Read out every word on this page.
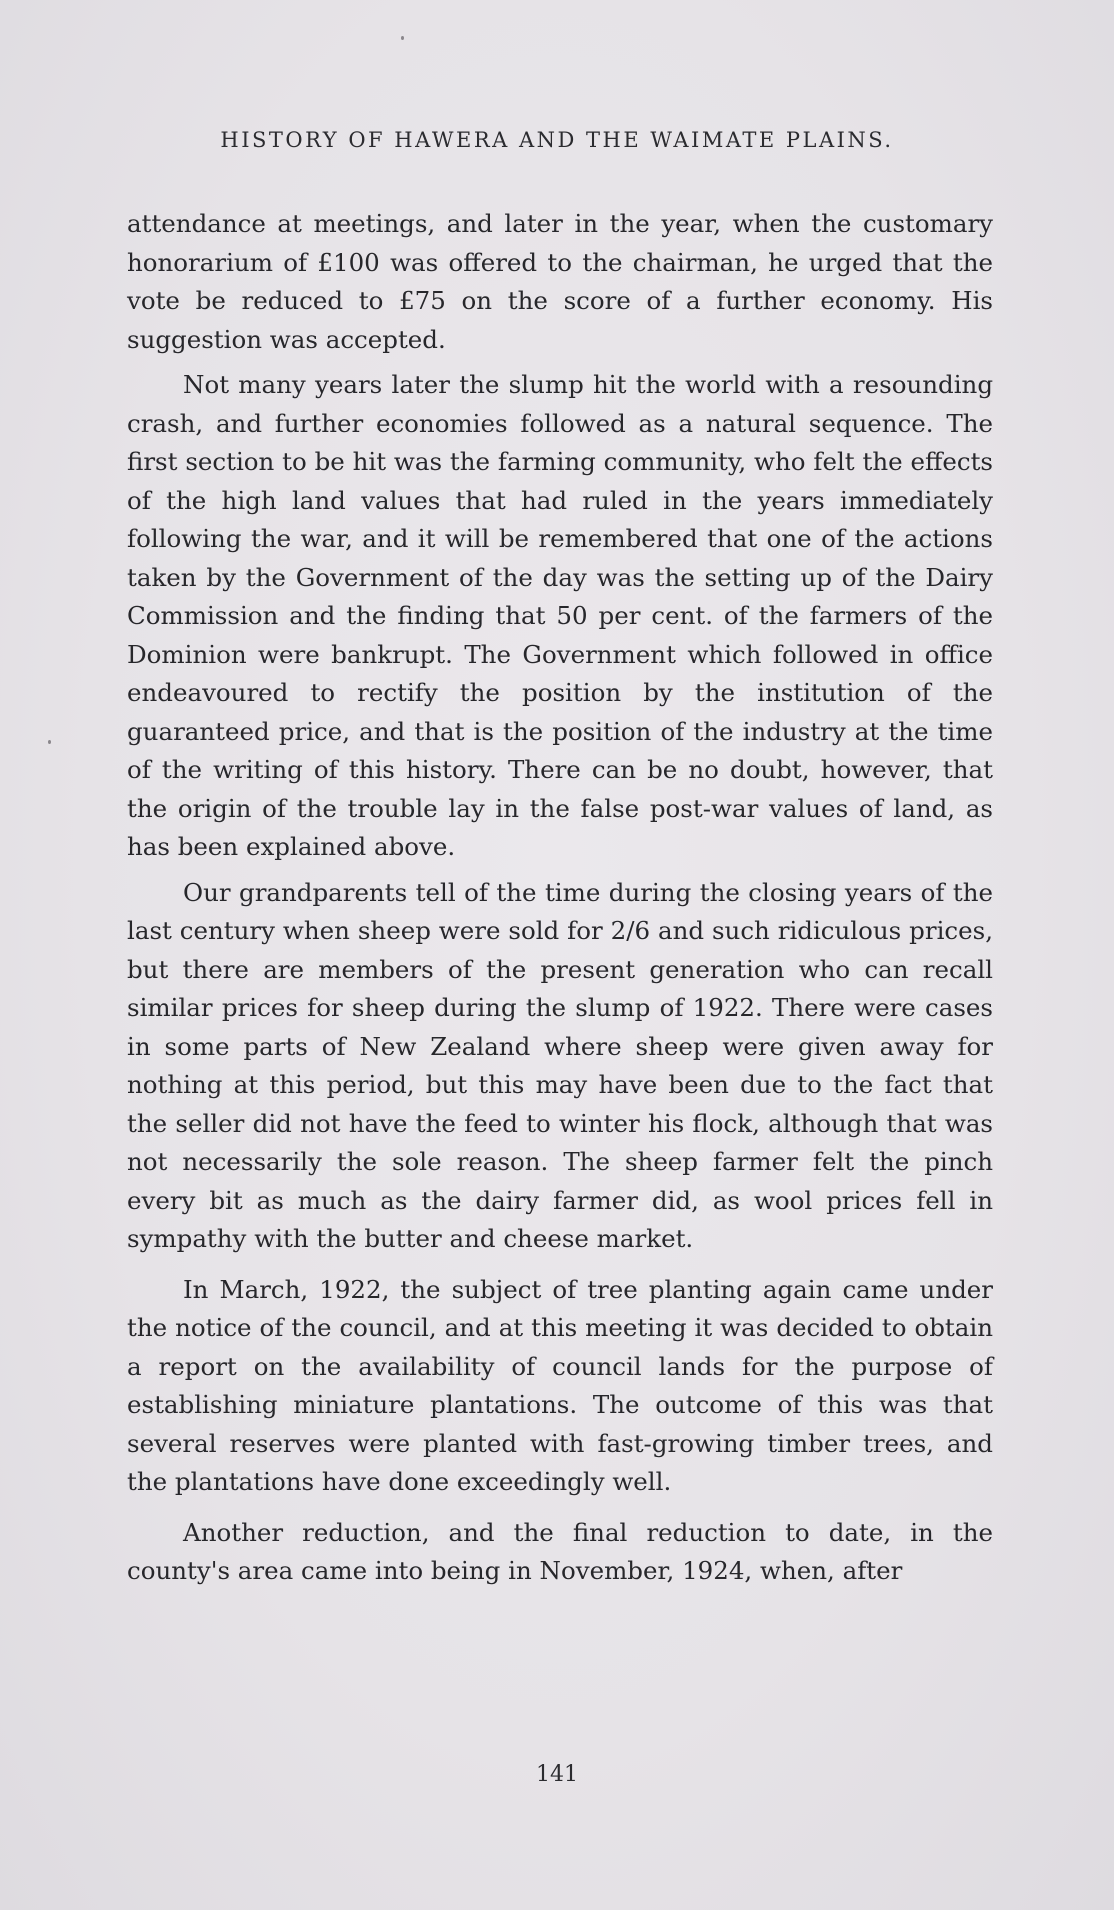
HISTORY OF HAWERA AND THE WAIMATE PLAINS.

attendance at meetings, and later in the year, when the customary honorarium of £100 was offered to the chairman, he urged that the vote be reduced to £75 on the score of a further economy. His suggestion was accepted.

Not many years later the slump hit the world with a resounding crash, and further economies followed as a natural sequence. The first section to be hit was the farming community, who felt the effects of the high land values that had ruled in the years immediately following the war, and it will be remembered that one of the actions taken by the Government of the day was the setting up of the Dairy Commission and the finding that 50 per cent. of the farmers of the Dominion were bankrupt. The Government which followed in office endeavoured to rectify the position by the institution of the guaranteed price, and that is the position of the industry at the time of the writing of this history. There can be no doubt, however, that the origin of the trouble lay in the false post-war values of land, as has been explained above.

Our grandparents tell of the time during the closing years of the last century when sheep were sold for 2/6 and such ridiculous prices, but there are members of the present generation who can recall similar prices for sheep during the slump of 1922. There were cases in some parts of New Zealand where sheep were given away for nothing at this period, but this may have been due to the fact that the seller did not have the feed to winter his flock, although that was not necessarily the sole reason. The sheep farmer felt the pinch every bit as much as the dairy farmer did, as wool prices fell in sympathy with the butter and cheese market.

In March, 1922, the subject of tree planting again came under the notice of the council, and at this meeting it was decided to obtain a report on the availability of council lands for the purpose of establishing miniature plantations. The outcome of this was that several reserves were planted with fast-growing timber trees, and the plantations have done exceedingly well.

Another reduction, and the final reduction to date, in the county's area came into being in November, 1924, when, after

141
